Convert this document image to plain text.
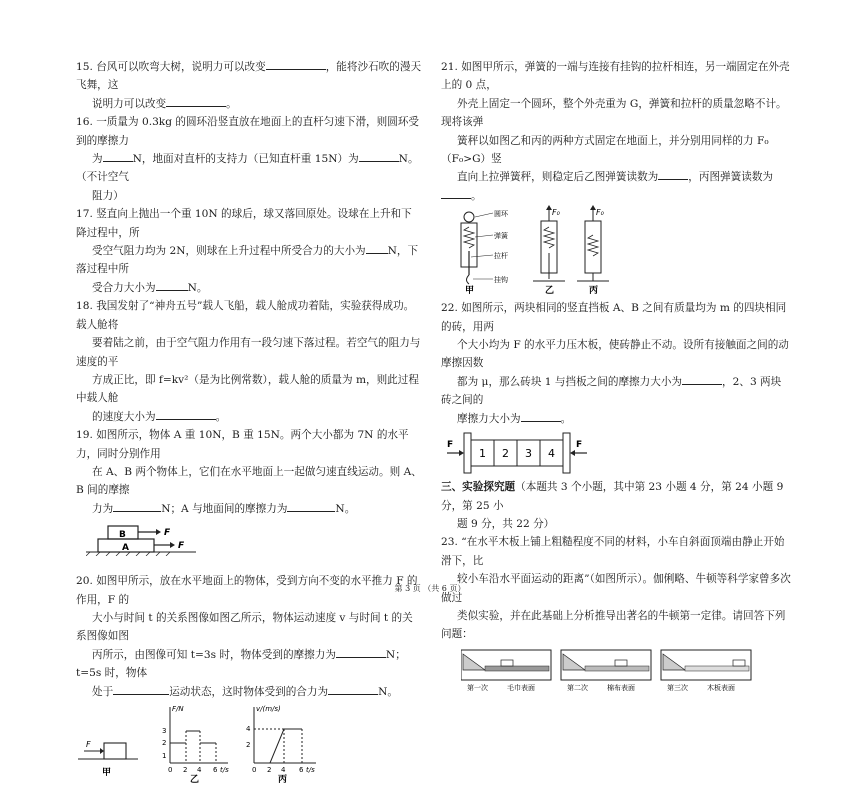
15. 台风可以吹弯大树，说明力可以改变	，能将沙石吹的漫天飞舞，这
说明力可以改变	。
16. 一质量为 0.3kg 的圆环沿竖直放在地面上的直杆匀速下滑，则圆环受到的摩擦力
为	N，地面对直杆的支持力（已知直杆重 15N）为	N。（不计空气
阻力）
17. 竖直向上抛出一个重 10N 的球后，球又落回原处。设球在上升和下降过程中，所
受空气阻力均为 2N，则球在上升过程中所受合力的大小为 N，下落过程中所
受合力大小为	N。
18. 我国发射了“神舟五号”载人飞船，载人舱成功着陆，实验获得成功。载人舱将
要着陆之前，由于空气阻力作用有一段匀速下落过程。若空气的阻力与速度的平
方成正比，即 f=kv²（是为比例常数），载人舱的质量为 m，则此过程中载人舱
的速度大小为	。
19. 如图所示，物体 A 重 10N，B 重 15N。两个大小都为 7N 的水平力，同时分别作用
在 A、B 两个物体上，它们在水平地面上一起做匀速直线运动。则 A、B 间的摩擦
力为	N；A 与地面间的摩擦力为	N。
B
A
F
F
20. 如图甲所示，放在水平地面上的物体，受到方向不变的水平推力 F 的作用，F 的
大小与时间 t 的关系图像如图乙所示，物体运动速度 v 与时间 t 的关系图像如图
丙所示，由图像可知 t=3s 时，物体受到的摩擦力为	N；t=5s 时，物体
处于	运动状态，这时物体受到的合力为	N。
F
甲
F/N
1
2
3
0 2 4 6 t/s
乙
v/(m/s)
2
4
0 2 4 6 t/s
丙
21. 如图甲所示，弹簧的一端与连接有挂钩的拉杆相连，另一端固定在外壳上的 0 点，
外壳上固定一个圆环，整个外壳重为 G，弹簧和拉杆的质量忽略不计。现将该弹
簧秤以如图乙和丙的两种方式固定在地面上，并分别用同样的力 F₀（F₀>G）竖
直向上拉弹簧秤，则稳定后乙图弹簧读数为	，丙图弹簧读数为。
圆环
弹簧
拉杆
挂钩
甲
F₀
乙
F₀
丙
22. 如图所示，两块相同的竖直挡板 A、B 之间有质量均为 m 的四块相同的砖，用两
个大小均为 F 的水平力压木板，使砖静止不动。设所有接触面之间的动摩擦因数
都为 μ，那么砖块 1 与挡板之间的摩擦力大小为	，2、3 两块砖之间的
摩擦力大小为	。
F
1 2 3 4
F
三、实验探究题（本题共 3 个小题，其中第 23 小题 4 分，第 24 小题 9 分，第 25 小
题 9 分，共 22 分）
23. “在水平木板上铺上粗糙程度不同的材料，小车自斜面顶端由静止开始滑下，比
较小车沿水平面运动的距离”（如图所示）。伽俐略、牛顿等科学家曾多次做过
类似实验，并在此基础上分析推导出著名的牛顿第一定律。请回答下列问题：
第一次	毛巾表面	第二次	棉布表面	第三次	木板表面
第 3 页 （共 6 页）
